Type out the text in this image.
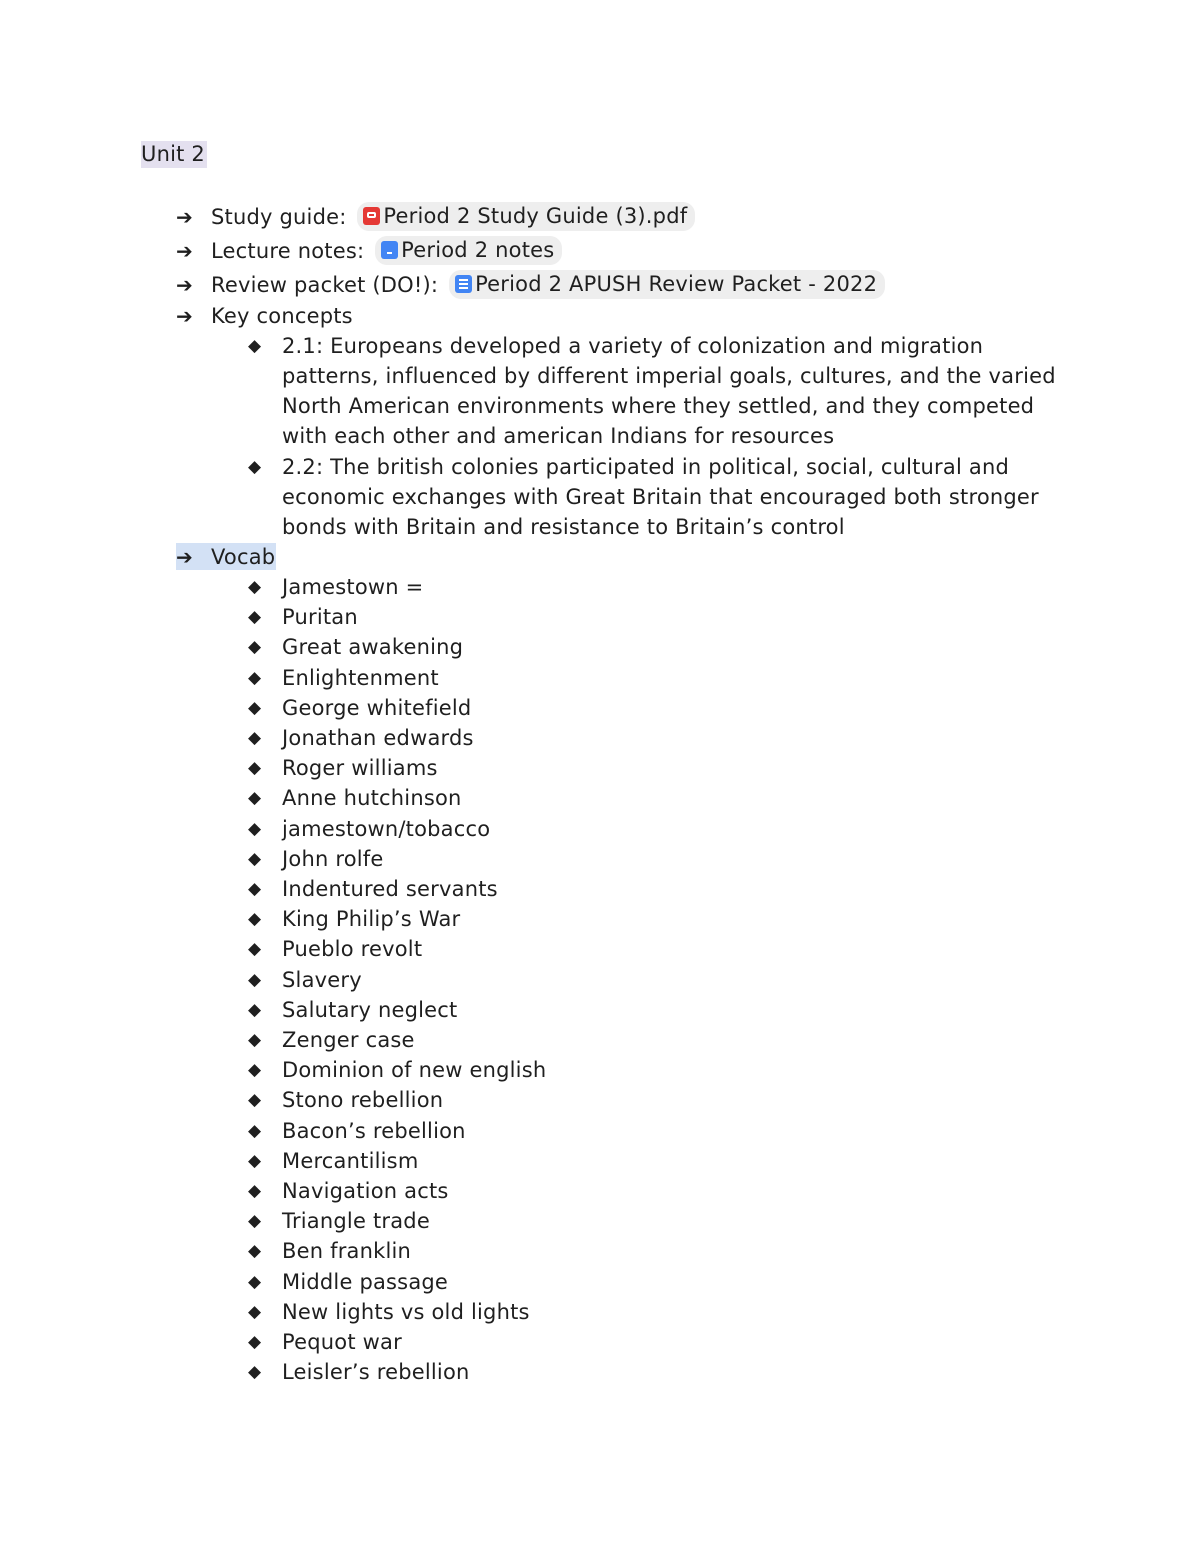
Unit 2
➔ Study guide: Period 2 Study Guide (3).pdf
➔ Lecture notes: Period 2 notes
➔ Review packet (DO!): Period 2 APUSH Review Packet - 2022
➔ Key concepts
◆ 2.1: Europeans developed a variety of colonization and migration patterns, influenced by different imperial goals, cultures, and the varied North American environments where they settled, and they competed with each other and american Indians for resources
◆ 2.2: The british colonies participated in political, social, cultural and economic exchanges with Great Britain that encouraged both stronger bonds with Britain and resistance to Britain’s control
➔ Vocab
◆ Jamestown =
◆ Puritan
◆ Great awakening
◆ Enlightenment
◆ George whitefield
◆ Jonathan edwards
◆ Roger williams
◆ Anne hutchinson
◆ jamestown/tobacco
◆ John rolfe
◆ Indentured servants
◆ King Philip’s War
◆ Pueblo revolt
◆ Slavery
◆ Salutary neglect
◆ Zenger case
◆ Dominion of new english
◆ Stono rebellion
◆ Bacon’s rebellion
◆ Mercantilism
◆ Navigation acts
◆ Triangle trade
◆ Ben franklin
◆ Middle passage
◆ New lights vs old lights
◆ Pequot war
◆ Leisler’s rebellion
